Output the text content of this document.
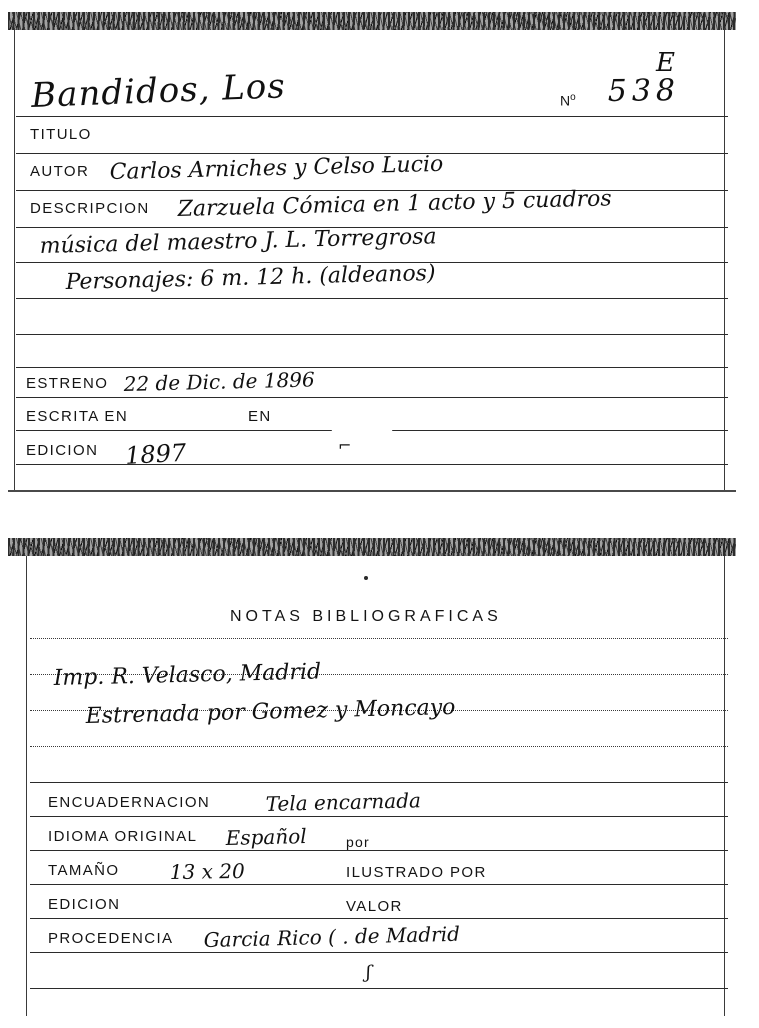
Bandidos, Los
E
$N^o$ 538
TITULO
AUTOR Carlos Arniches y Celso Lucio
DESCRIPCION Zarzuela Cómica en 1 acto y 5 cuadros
música del maestro J. L. Torregrosa
Personajes: 6 m. 12 h. (aldeanos)
ESTRENO 22 de Dic. de 1896
ESCRITA EN	EN
⌐
EDICION 1897
NOTAS BIBLIOGRAFICAS
Imp. R. Velasco, Madrid
Estrenada por Gomez y Moncayo
ENCUADERNACION	Tela encarnada
IDIOMA ORIGINAL Español	por
TAMAÑO	13 x 20	ILUSTRADO POR
EDICION	VALOR
PROCEDENCIA Garcia Rico ( . de Madrid
ʃ
